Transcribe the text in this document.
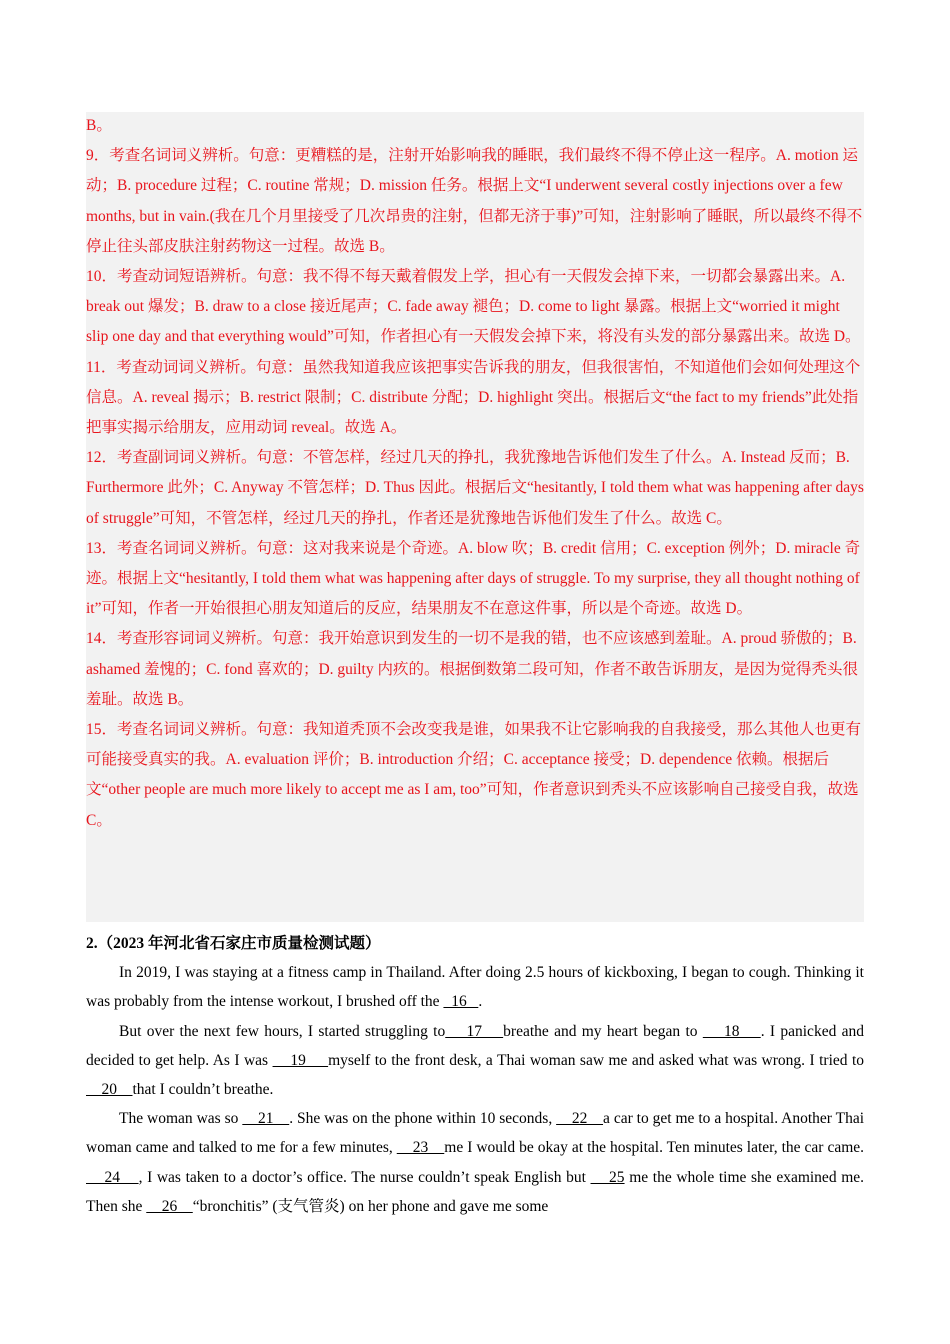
B。

9．考查名词词义辨析。句意：更糟糕的是，注射开始影响我的睡眠，我们最终不得不停止这一程序。A. motion 运动；B. procedure 过程；C. routine 常规；D. mission 任务。根据上文“I underwent several costly injections over a few months, but in vain.(我在几个月里接受了几次昂贵的注射，但都无济于事)”可知，注射影响了睡眠，所以最终不得不停止往头部皮肤注射药物这一过程。故选 B。

10．考查动词短语辨析。句意：我不得不每天戴着假发上学，担心有一天假发会掉下来，一切都会暴露出来。A. break out 爆发；B. draw to a close 接近尾声；C. fade away 褪色；D. come to light 暴露。根据上文“worried it might slip one day and that everything would”可知，作者担心有一天假发会掉下来，将没有头发的部分暴露出来。故选 D。

11．考查动词词义辨析。句意：虽然我知道我应该把事实告诉我的朋友，但我很害怕，不知道他们会如何处理这个信息。A. reveal 揭示；B. restrict 限制；C. distribute 分配；D. highlight 突出。根据后文“the fact to my friends”此处指把事实揭示给朋友，应用动词 reveal。故选 A。

12．考查副词词义辨析。句意：不管怎样，经过几天的挣扎，我犹豫地告诉他们发生了什么。A. Instead 反而；B. Furthermore 此外；C. Anyway 不管怎样；D. Thus 因此。根据后文“hesitantly, I told them what was happening after days of struggle”可知，不管怎样，经过几天的挣扎，作者还是犹豫地告诉他们发生了什么。故选 C。

13．考查名词词义辨析。句意：这对我来说是个奇迹。A. blow 吹；B. credit 信用；C. exception 例外；D. miracle 奇迹。根据上文“hesitantly, I told them what was happening after days of struggle. To my surprise, they all thought nothing of it”可知，作者一开始很担心朋友知道后的反应，结果朋友不在意这件事，所以是个奇迹。故选 D。

14．考查形容词词义辨析。句意：我开始意识到发生的一切不是我的错，也不应该感到羞耻。A. proud 骄傲的；B. ashamed 羞愧的；C. fond 喜欢的；D. guilty 内疚的。根据倒数第二段可知，作者不敢告诉朋友，是因为觉得秃头很羞耻。故选 B。

15．考查名词词义辨析。句意：我知道秃顶不会改变我是谁，如果我不让它影响我的自我接受，那么其他人也更有可能接受真实的我。A. evaluation 评价；B. introduction 介绍；C. acceptance 接受；D. dependence 依赖。根据后文“other people are much more likely to accept me as I am, too”可知，作者意识到秃头不应该影响自己接受自我，故选 C。

2.（2023 年河北省石家庄市质量检测试题）

In 2019, I was staying at a fitness camp in Thailand. After doing 2.5 hours of kickboxing, I began to cough. Thinking it was probably from the intense workout, I brushed off the   16   .

But over the next few hours, I started struggling to    17    breathe and my heart began to     18    . I panicked and decided to get help. As I was     19     myself to the front desk, a Thai woman saw me and asked what was wrong. I tried to     20    that I couldn’t breathe.

The woman was so     21    . She was on the phone within 10 seconds,     22    a car to get me to a hospital. Another Thai woman came and talked to me for a few minutes,     23    me I would be okay at the hospital. Ten minutes later, the car came.    24    , I was taken to a doctor’s office. The nurse couldn’t speak English but     25 me the whole time she examined me. Then she     26    “bronchitis” (支气管炎) on her phone and gave me some
